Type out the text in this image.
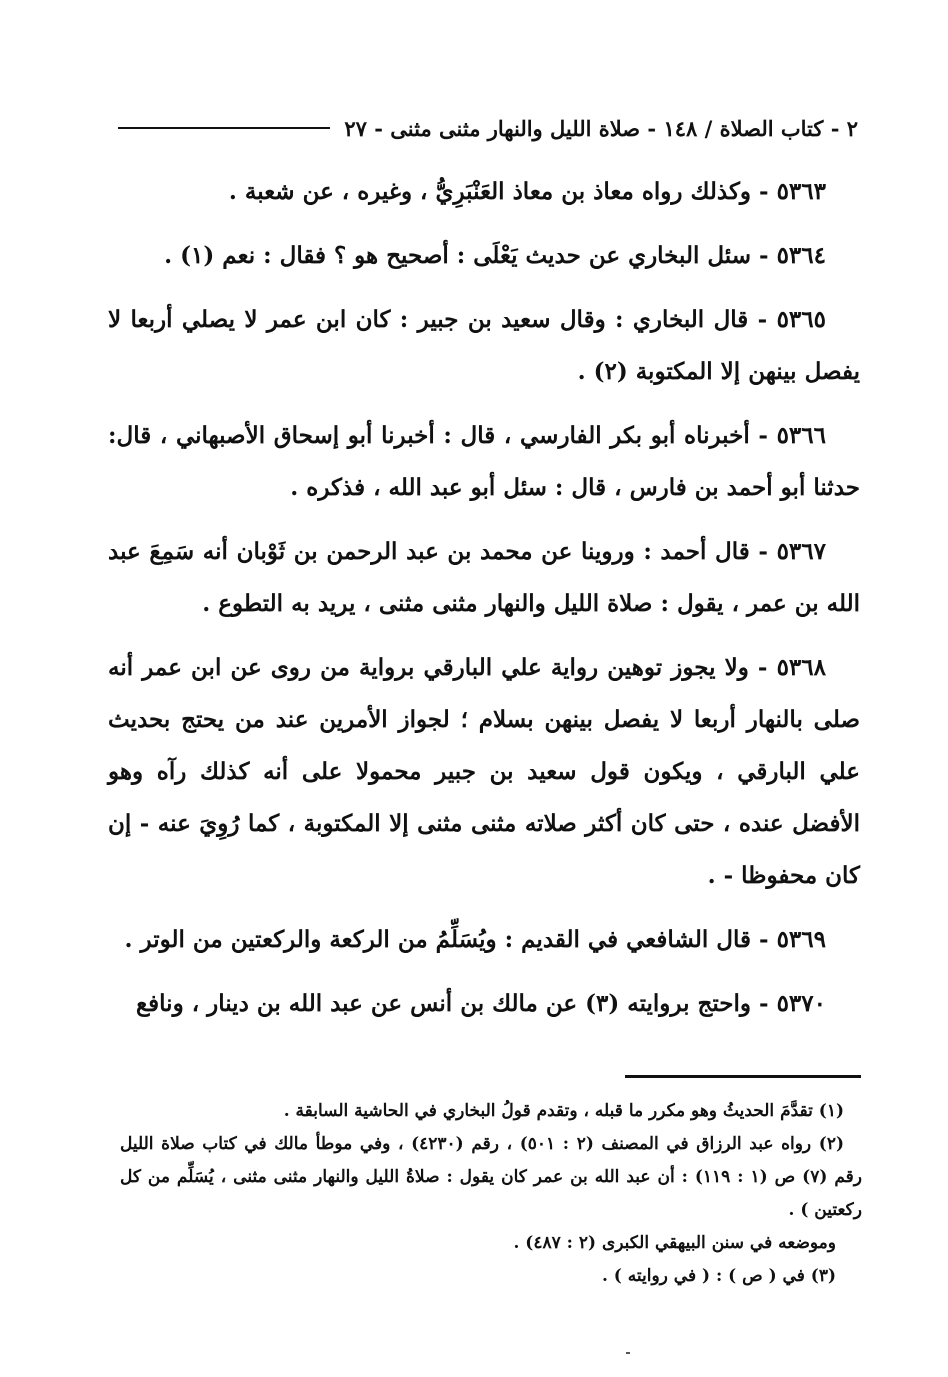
٢ - كتاب الصلاة / ١٤٨ - صلاة الليل والنهار مثنى مثنى - ٢٧

٥٣٦٣ - وكذلك رواه معاذ بن معاذ العَنْبَرِيُّ ، وغيره ، عن شعبة .

٥٣٦٤ - سئل البخاري عن حديث يَعْلَى : أصحيح هو ؟ فقال : نعم (١) .

٥٣٦٥ - قال البخاري : وقال سعيد بن جبير : كان ابن عمر لا يصلي أربعا لا يفصل بينهن إلا المكتوبة (٢) .

٥٣٦٦ - أخبرناه أبو بكر الفارسي ، قال : أخبرنا أبو إسحاق الأصبهاني ، قال: حدثنا أبو أحمد بن فارس ، قال : سئل أبو عبد الله ، فذكره .

٥٣٦٧ - قال أحمد : وروينا عن محمد بن عبد الرحمن بن ثَوْبان أنه سَمِعَ عبد الله بن عمر ، يقول : صلاة الليل والنهار مثنى مثنى ، يريد به التطوع .

٥٣٦٨ - ولا يجوز توهين رواية علي البارقي برواية من روى عن ابن عمر أنه صلى بالنهار أربعا لا يفصل بينهن بسلام ؛ لجواز الأمرين عند من يحتج بحديث علي البارقي ، ويكون قول سعيد بن جبير محمولا على أنه كذلك رآه وهو الأفضل عنده ، حتى كان أكثر صلاته مثنى مثنى إلا المكتوبة ، كما رُوِيَ عنه - إن كان محفوظا - .

٥٣٦٩ - قال الشافعي في القديم : ويُسَلِّمُ من الركعة والركعتين من الوتر .

٥٣٧٠ - واحتج بروايته (٣) عن مالك بن أنس عن عبد الله بن دينار ، ونافع

(١) تقدَّمَ الحديثُ وهو مكرر ما قبله ، وتقدم قولُ البخاري في الحاشية السابقة .

(٢) رواه عبد الرزاق في المصنف (٢ : ٥٠١) ، رقم (٤٢٣٠) ، وفي موطأ مالك في كتاب صلاة الليل رقم (٧) ص (١ : ١١٩) : أن عبد الله بن عمر كان يقول : صلاةُ الليل والنهار مثنى مثنى ، يُسَلِّم من كل ركعتين ) .

وموضعه في سنن البيهقي الكبرى (٢ : ٤٨٧) .

(٣) في ( ص ) : ( في روايته ) .
